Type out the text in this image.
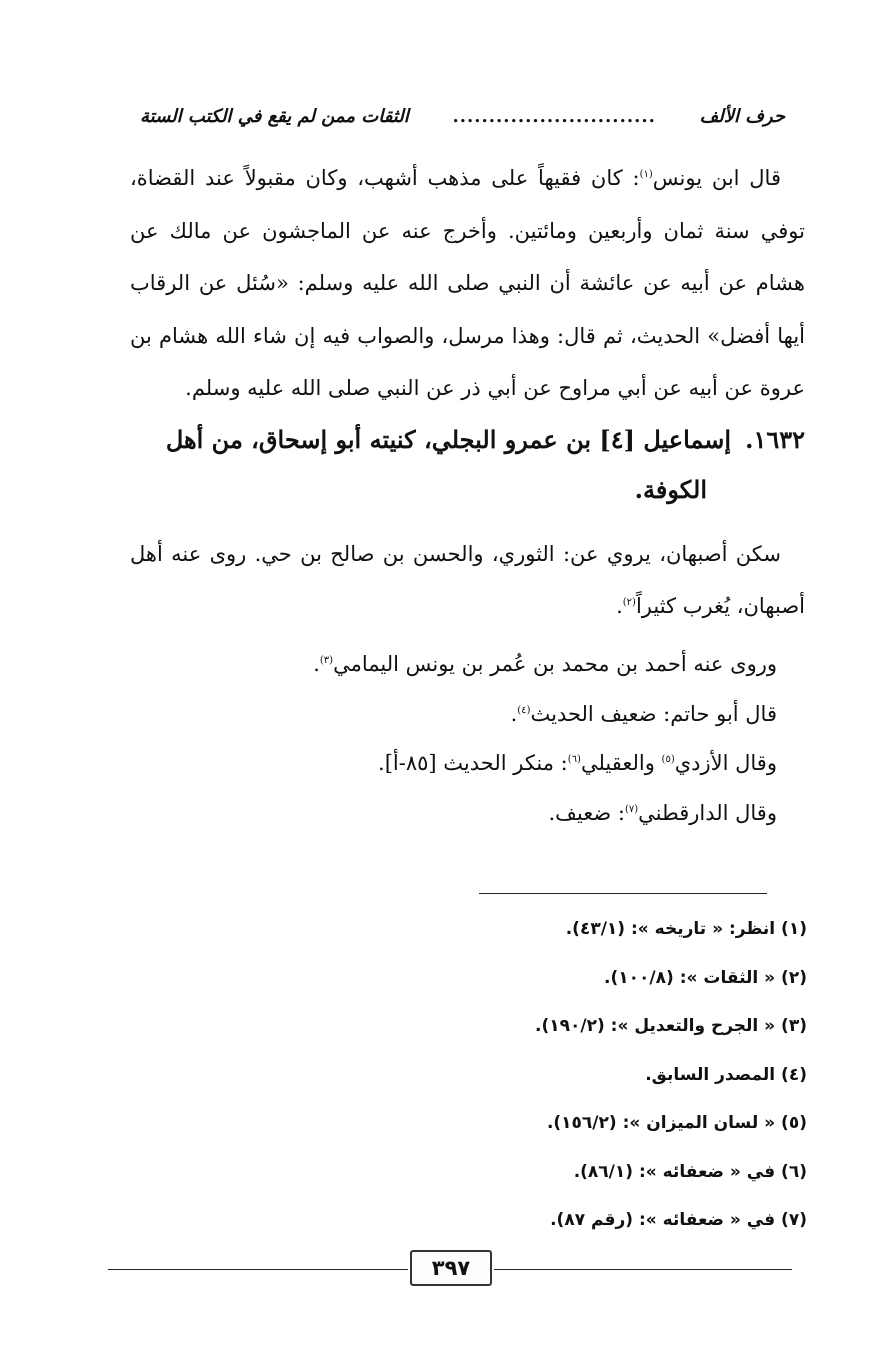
حرف الألف
............................
الثقات ممن لم يقع في الكتب الستة

قال ابن يونس$^{(١)}$: كان فقيهاً على مذهب أشهب، وكان مقبولاً عند القضاة، توفي سنة ثمان وأربعين ومائتين. وأخرج عنه عن الماجشون عن مالك عن هشام عن أبيه عن عائشة أن النبي صلى الله عليه وسلم: «سُئل عن الرقاب أيها أفضل» الحديث، ثم قال: وهذا مرسل، والصواب فيه إن شاء الله هشام بن عروة عن أبيه عن أبي مراوح عن أبي ذر عن النبي صلى الله عليه وسلم.

١٦٣٢.إسماعيل [٤] بن عمرو البجلي، كنيته أبو إسحاق، من أهل
الكوفة.

سكن أصبهان، يروي عن: الثوري، والحسن بن صالح بن حي. روى عنه أهل أصبهان، يُغرب كثيراً$^{(٢)}$.

وروى عنه أحمد بن محمد بن عُمر بن يونس اليمامي$^{(٣)}$.

قال أبو حاتم: ضعيف الحديث$^{(٤)}$.

وقال الأزدي$^{(٥)}$ والعقيلي$^{(٦)}$: منكر الحديث [٨٥-أ].

وقال الدارقطني$^{(٧)}$: ضعيف.

(١) انظر: « تاريخه »: (٤٣/١).

(٢) « الثقات »: (١٠٠/٨).

(٣) « الجرح والتعديل »: (١٩٠/٢).

(٤) المصدر السابق.

(٥) « لسان الميزان »: (١٥٦/٢).

(٦) في « ضعفائه »: (٨٦/١).

(٧) في « ضعفائه »: (رقم ٨٧).

٣٩٧
